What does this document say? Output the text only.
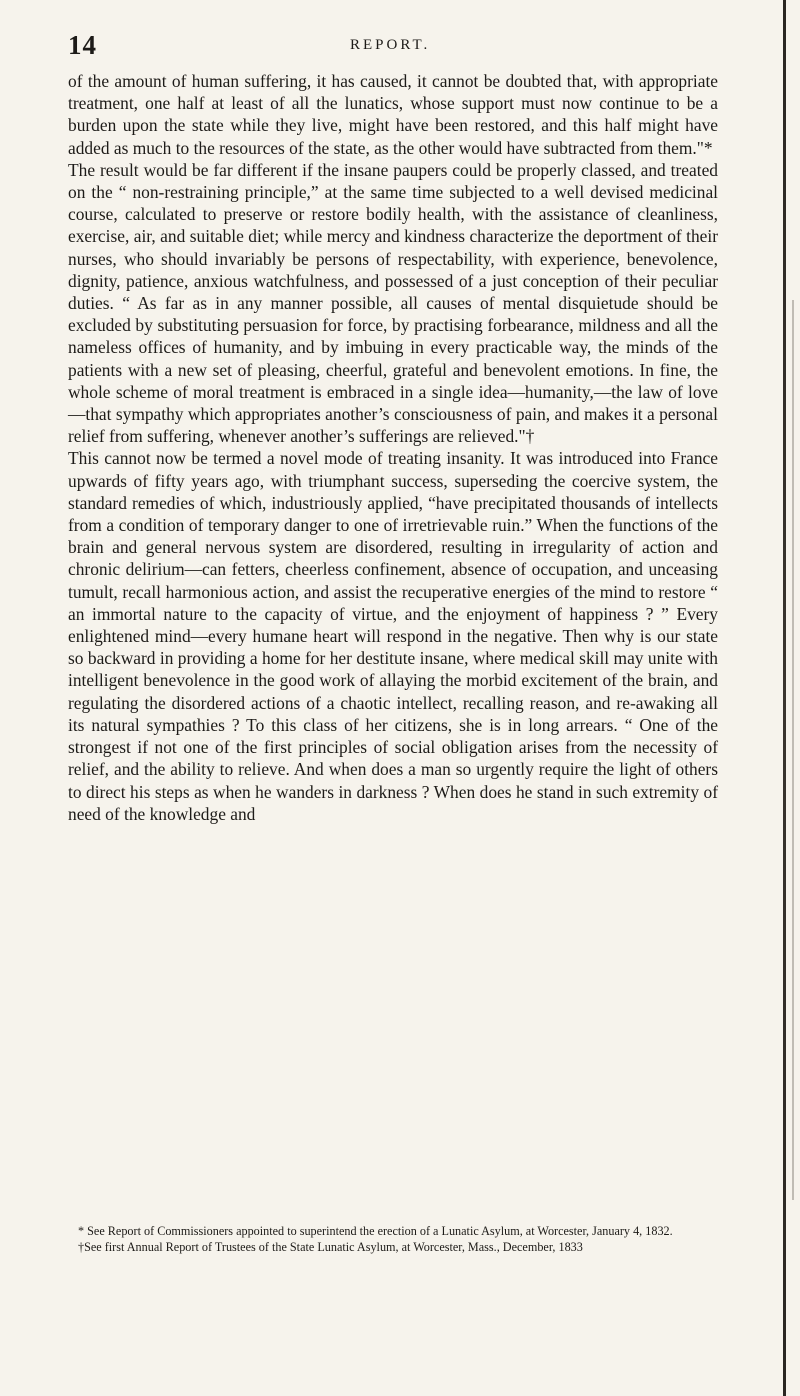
14	REPORT.

of the amount of human suffering, it has caused, it cannot be doubted that, with appropriate treatment, one half at least of all the lunatics, whose support must now continue to be a burden upon the state while they live, might have been restored, and this half might have added as much to the resources of the state, as the other would have subtracted from them."*

The result would be far different if the insane paupers could be properly classed, and treated on the “ non-restraining principle,” at the same time subjected to a well devised medicinal course, calculated to preserve or restore bodily health, with the assistance of cleanliness, exercise, air, and suitable diet; while mercy and kindness characterize the deportment of their nurses, who should invariably be persons of respectability, with experience, benevolence, dignity, patience, anxious watchfulness, and possessed of a just conception of their peculiar duties. “ As far as in any manner possible, all causes of mental disquietude should be excluded by substituting persuasion for force, by practising forbearance, mildness and all the nameless offices of humanity, and by imbuing in every practicable way, the minds of the patients with a new set of pleasing, cheerful, grateful and benevolent emotions. In fine, the whole scheme of moral treatment is embraced in a single idea—humanity,—the law of love—that sympathy which appropriates another’s consciousness of pain, and makes it a personal relief from suffering, whenever another’s sufferings are relieved."†

This cannot now be termed a novel mode of treating insanity. It was introduced into France upwards of fifty years ago, with triumphant success, superseding the coercive system, the standard remedies of which, industriously applied, “have precipitated thousands of intellects from a condition of temporary danger to one of irretrievable ruin.” When the functions of the brain and general nervous system are disordered, resulting in irregularity of action and chronic delirium—can fetters, cheerless confinement, absence of occupation, and unceasing tumult, recall harmonious action, and assist the recuperative energies of the mind to restore “ an immortal nature to the capacity of virtue, and the enjoyment of happiness ? ” Every enlightened mind—every humane heart will respond in the negative. Then why is our state so backward in providing a home for her destitute insane, where medical skill may unite with intelligent benevolence in the good work of allaying the morbid excitement of the brain, and regulating the disordered actions of a chaotic intellect, recalling reason, and re-awaking all its natural sympathies ? To this class of her citizens, she is in long arrears. “ One of the strongest if not one of the first principles of social obligation arises from the necessity of relief, and the ability to relieve. And when does a man so urgently require the light of others to direct his steps as when he wanders in darkness ? When does he stand in such extremity of need of the knowledge and

* See Report of Commissioners appointed to superintend the erection of a Lunatic Asylum, at Worcester, January 4, 1832.

†See first Annual Report of Trustees of the State Lunatic Asylum, at Worcester, Mass., December, 1833
